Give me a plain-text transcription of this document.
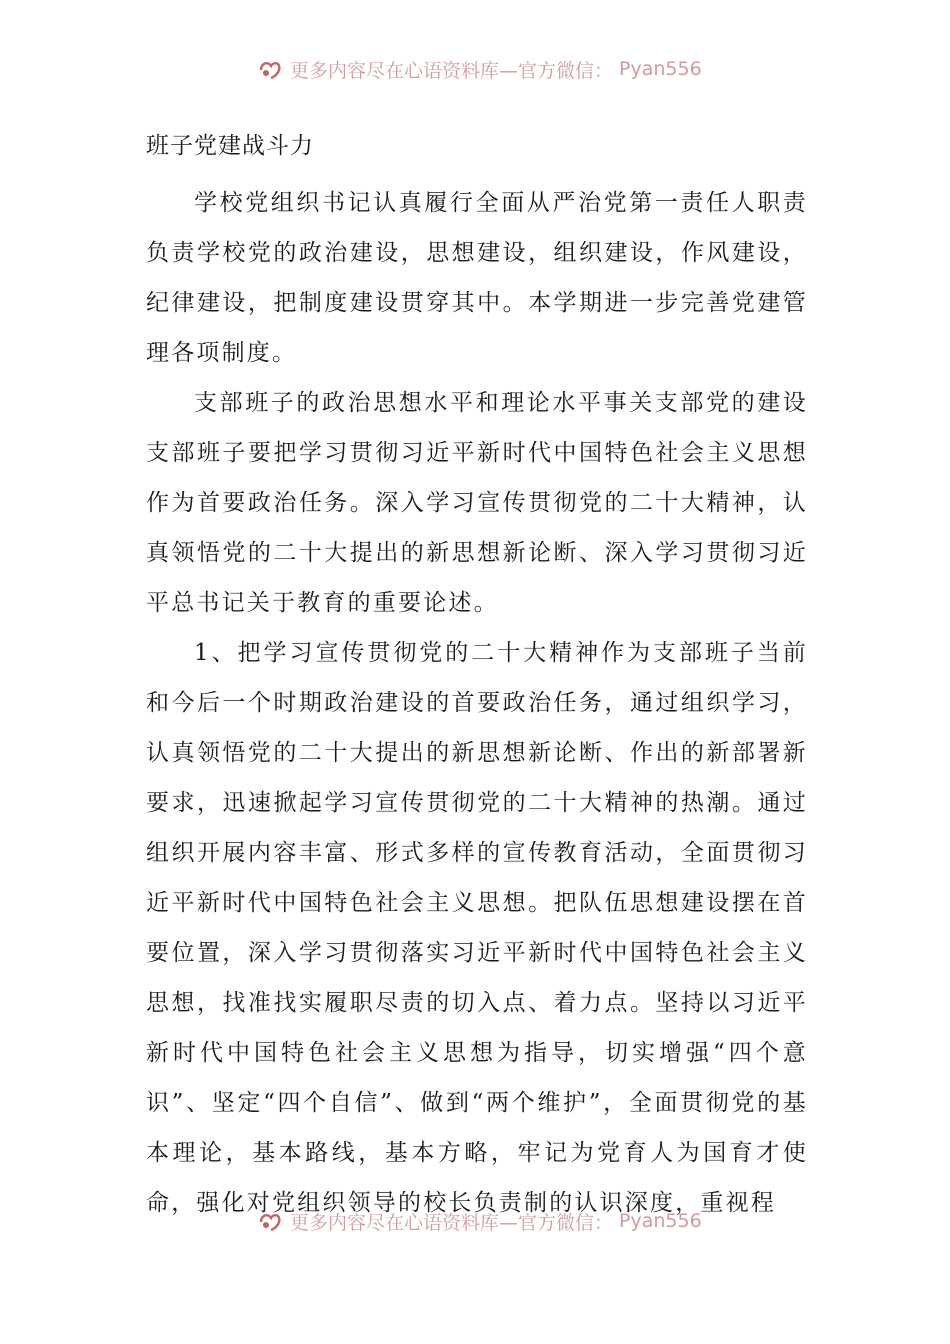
更多内容尽在心语资料库—官方微信： Pyan556
班子党建战斗力

学校党组织书记认真履行全面从严治党第一责任人职责负责学校党的政治建设，思想建设，组织建设，作风建设，纪律建设，把制度建设贯穿其中。本学期进一步完善党建管理各项制度。

支部班子的政治思想水平和理论水平事关支部党的建设支部班子要把学习贯彻习近平新时代中国特色社会主义思想作为首要政治任务。深入学习宣传贯彻党的二十大精神，认真领悟党的二十大提出的新思想新论断、深入学习贯彻习近平总书记关于教育的重要论述。

1、把学习宣传贯彻党的二十大精神作为支部班子当前和今后一个时期政治建设的首要政治任务，通过组织学习，认真领悟党的二十大提出的新思想新论断、作出的新部署新要求，迅速掀起学习宣传贯彻党的二十大精神的热潮。通过组织开展内容丰富、形式多样的宣传教育活动，全面贯彻习近平新时代中国特色社会主义思想。把队伍思想建设摆在首要位置，深入学习贯彻落实习近平新时代中国特色社会主义思想，找准找实履职尽责的切入点、着力点。坚持以习近平新时代中国特色社会主义思想为指导，切实增强“四个意识”、坚定“四个自信”、做到“两个维护”，全面贯彻党的基本理论，基本路线，基本方略，牢记为党育人为国育才使命，强化对党组织领导的校长负责制的认识深度，重视程

更多内容尽在心语资料库—官方微信： Pyan556
